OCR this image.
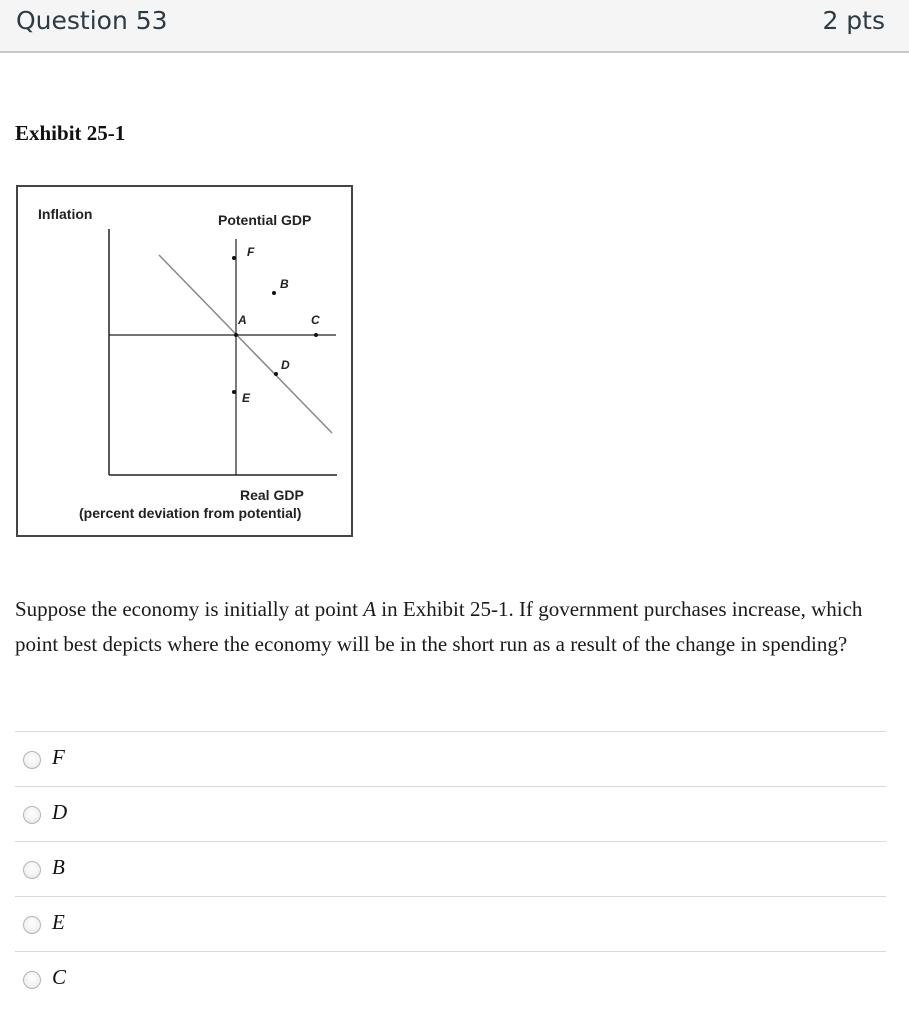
Question 53	2 pts
Exhibit 25-1
Inflation	Potential GDP
Real GDP
(percent deviation from potential)
A
F
B
C
D
E
Suppose the economy is initially at point A in Exhibit 25-1. If government purchases increase, which point best depicts where the economy will be in the short run as a result of the change in spending?
F
D
B
E
C
